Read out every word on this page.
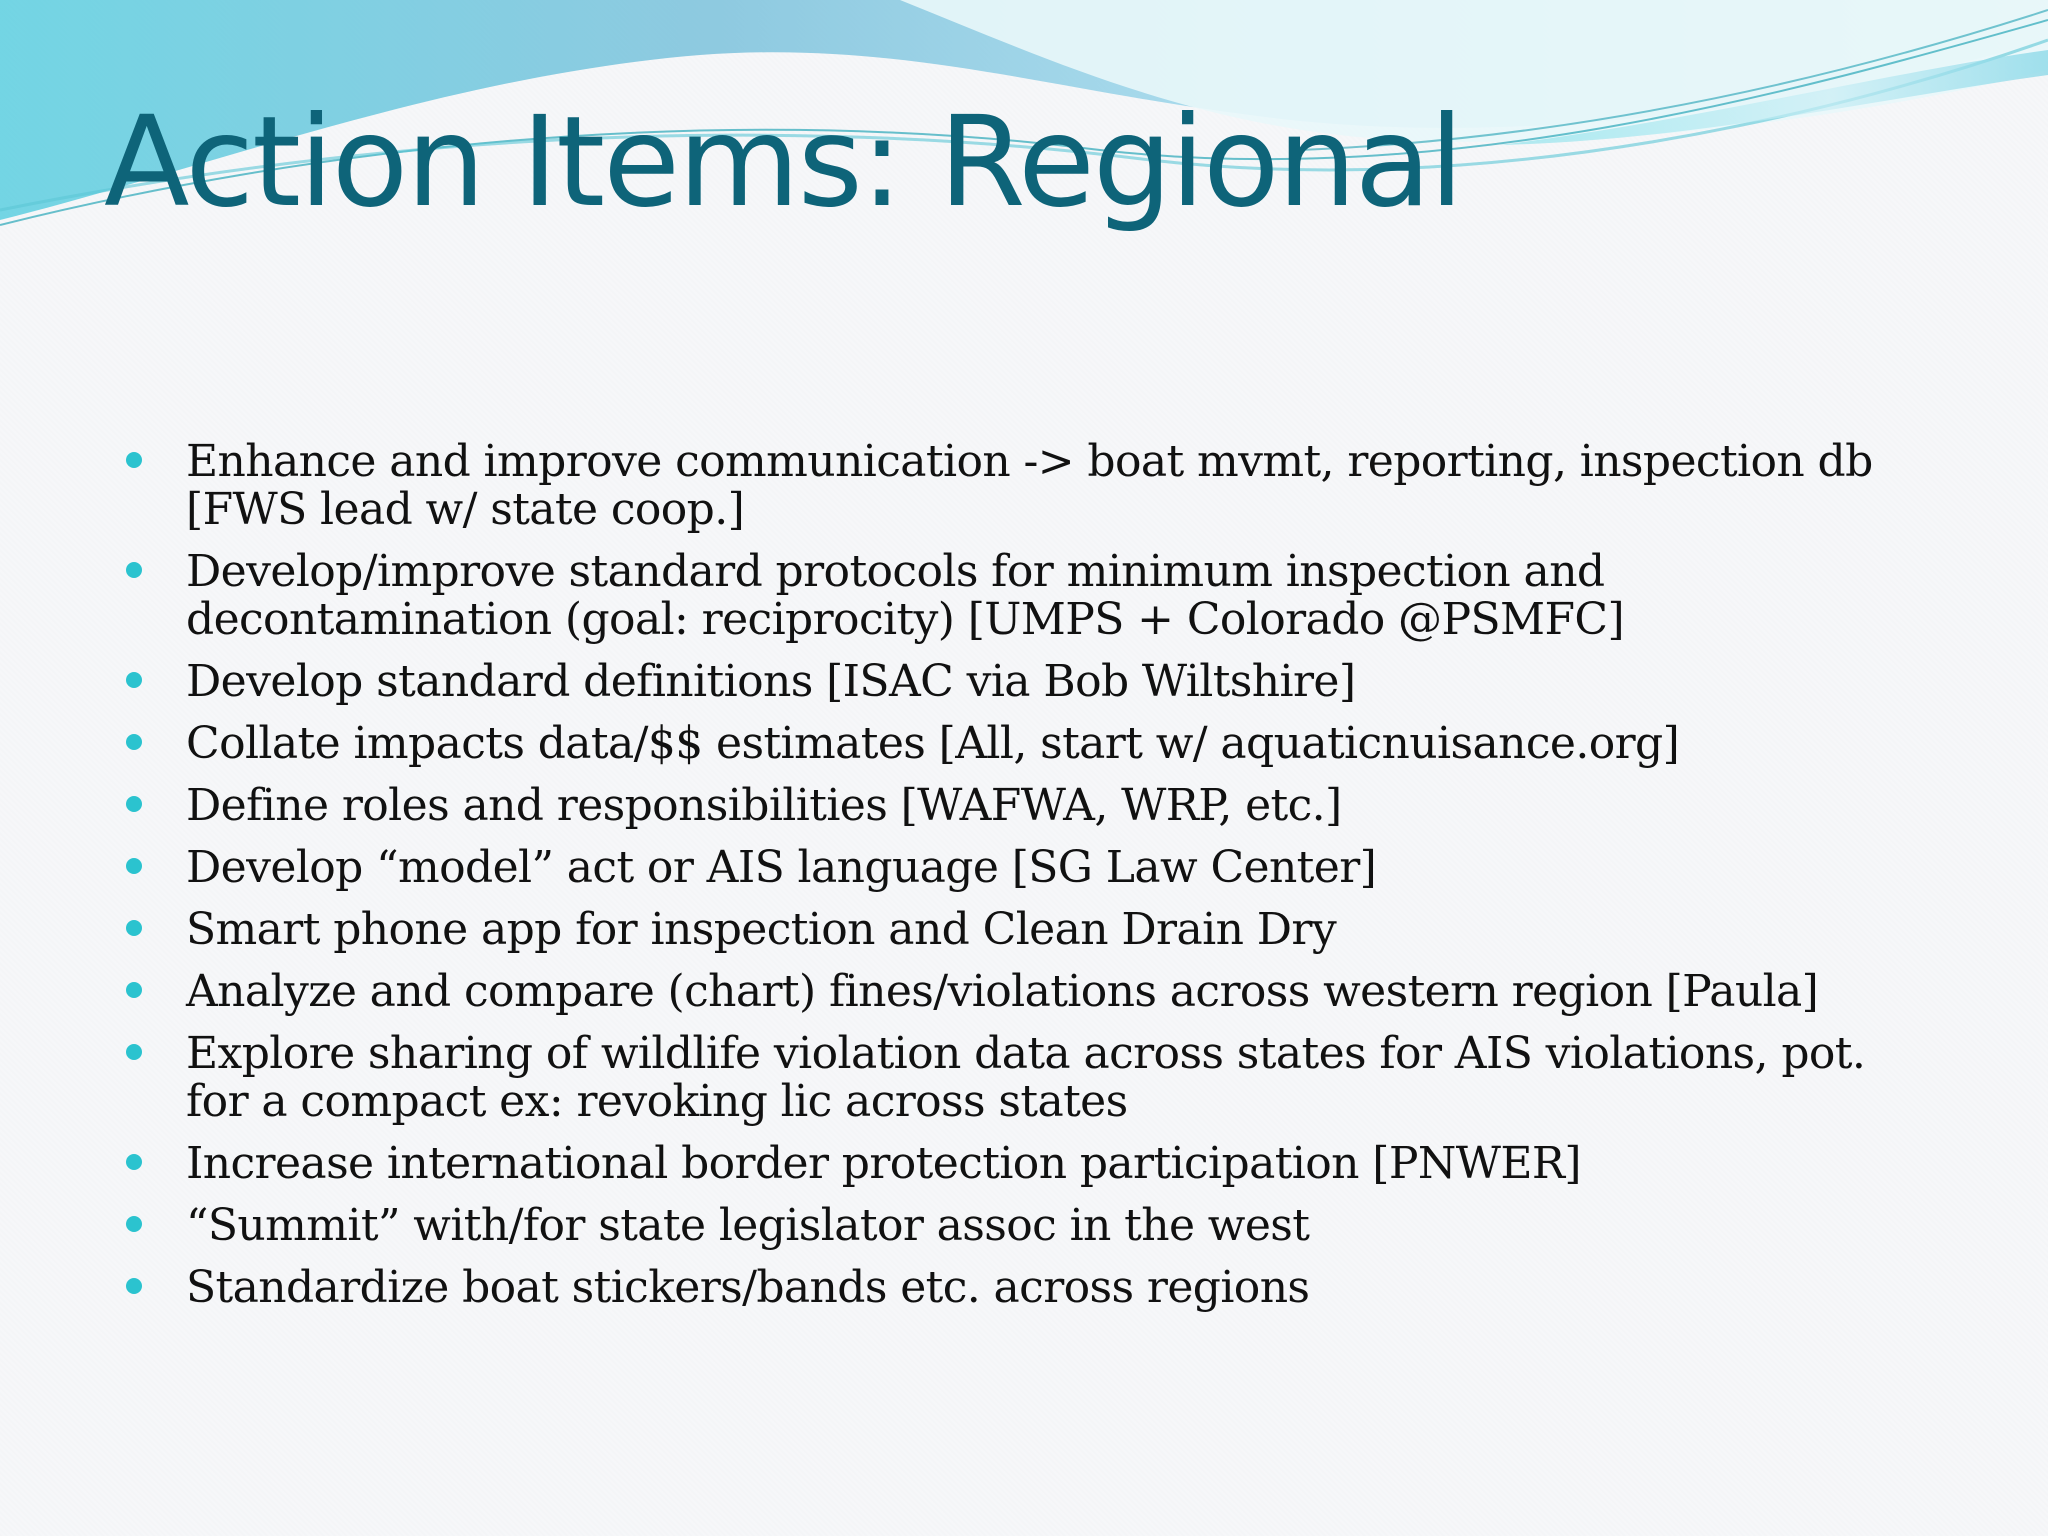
Action Items: Regional
Enhance and improve communication -> boat mvmt, reporting, inspection db [FWS lead w/ state coop.]
Develop/improve standard protocols for minimum inspection and decontamination (goal: reciprocity) [UMPS + Colorado @PSMFC]
Develop standard definitions [ISAC via Bob Wiltshire]
Collate impacts data/$$ estimates [All, start w/ aquaticnuisance.org]
Define roles and responsibilities [WAFWA, WRP, etc.]
Develop “model” act or AIS language [SG Law Center]
Smart phone app for inspection and Clean Drain Dry
Analyze and compare (chart) fines/violations across western region [Paula]
Explore sharing of wildlife violation data across states for AIS violations, pot. for a compact ex: revoking lic across states
Increase international border protection participation [PNWER]
“Summit” with/for state legislator assoc in the west
Standardize boat stickers/bands etc. across regions
